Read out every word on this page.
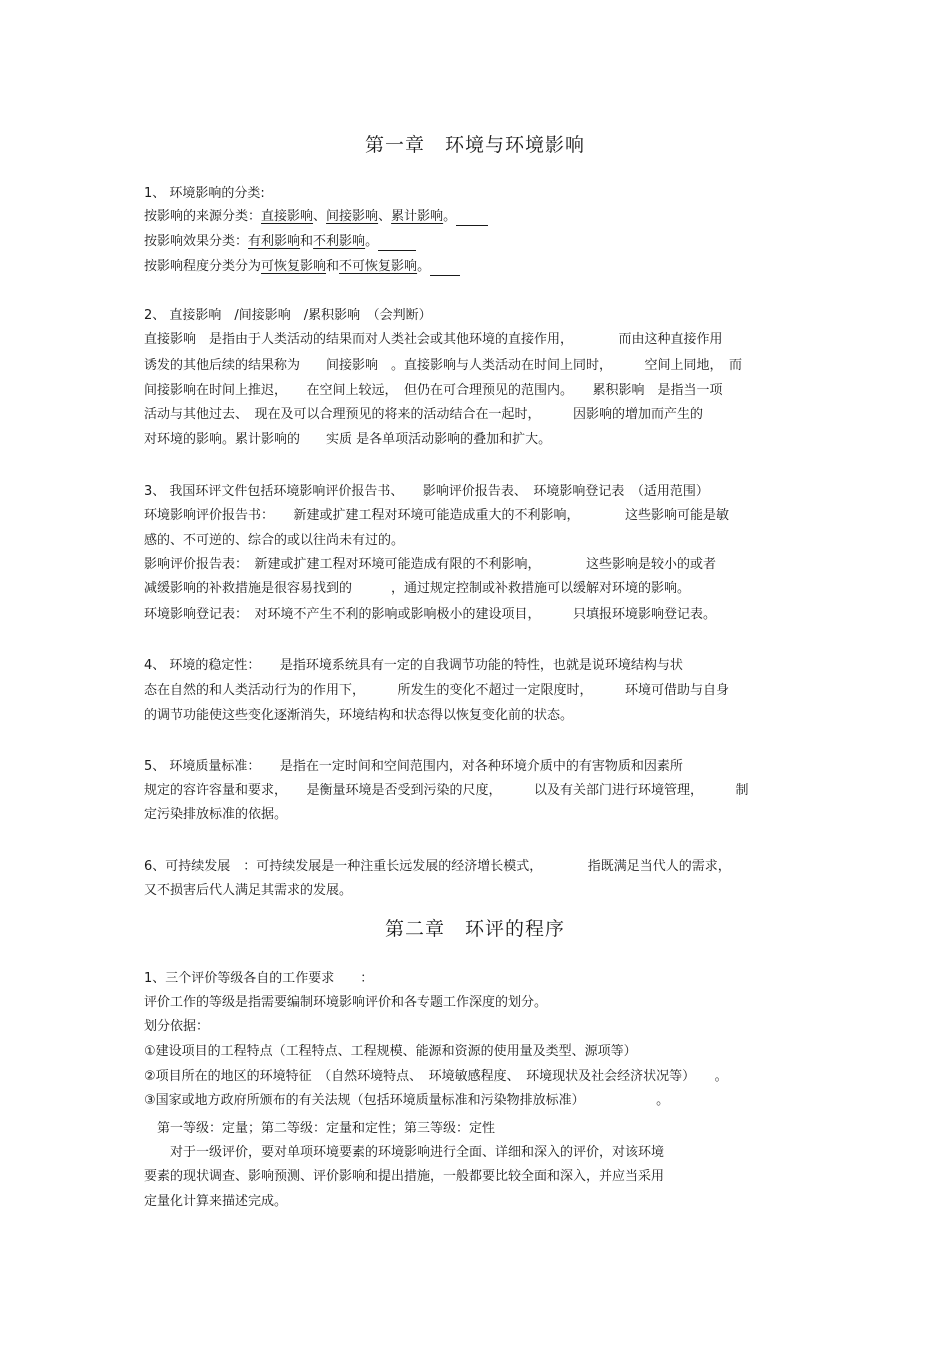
第一章　环境与环境影响
1、 环境影响的分类:
按影响的来源分类：直接影响、间接影响、累计影响。
按影响效果分类：有利影响和不利影响。
按影响程度分类分为可恢复影响和不可恢复影响。
2、 直接影响　/间接影响　/累积影响　（会判断）
直接影响　是指由于人类活动的结果而对人类社会或其他环境的直接作用，　　　　而由这种直接作用
诱发的其他后续的结果称为　　间接影响　。直接影响与人类活动在时间上同时，　　　空间上同地，　而
间接影响在时间上推迟，　　在空间上较远，　但仍在可合理预见的范围内。　　累积影响　是指当一项
活动与其他过去、　现在及可以合理预见的将来的活动结合在一起时，　　　因影响的增加而产生的
对环境的影响。累计影响的　　实质 是各单项活动影响的叠加和扩大。
3、 我国环评文件包括环境影响评价报告书、　　影响评价报告表、　环境影响登记表　（适用范围）
环境影响评价报告书：　　新建或扩建工程对环境可能造成重大的不利影响，　　　　这些影响可能是敏
感的、不可逆的、综合的或以往尚未有过的。
影响评价报告表：　新建或扩建工程对环境可能造成有限的不利影响，　　　　这些影响是较小的或者
减缓影响的补救措施是很容易找到的　　　，通过规定控制或补救措施可以缓解对环境的影响。
环境影响登记表：　对环境不产生不利的影响或影响极小的建设项目，　　　只填报环境影响登记表。
4、 环境的稳定性：　　是指环境系统具有一定的自我调节功能的特性，也就是说环境结构与状
态在自然的和人类活动行为的作用下，　　　所发生的变化不超过一定限度时，　　　环境可借助与自身
的调节功能使这些变化逐渐消失，环境结构和状态得以恢复变化前的状态。
5、 环境质量标准：　　是指在一定时间和空间范围内，对各种环境介质中的有害物质和因素所
规定的容许容量和要求，　　是衡量环境是否受到污染的尺度，　　　以及有关部门进行环境管理，　　　制
定污染排放标准的依据。
6、可持续发展　：可持续发展是一种注重长远发展的经济增长模式，　　　　指既满足当代人的需求，
又不损害后代人满足其需求的发展。
第二章　环评的程序
1、三个评价等级各自的工作要求　　：
评价工作的等级是指需要编制环境影响评价和各专题工作深度的划分。
划分依据：
①建设项目的工程特点（工程特点、工程规模、能源和资源的使用量及类型、源项等）
②项目所在的地区的环境特征　（自然环境特点、　环境敏感程度、　环境现状及社会经济状况等）　　。
③国家或地方政府所颁布的有关法规（包括环境质量标准和污染物排放标准）　　　　　　。
　第一等级：定量；第二等级：定量和定性；第三等级：定性
　　对于一级评价，要对单项环境要素的环境影响进行全面、详细和深入的评价，对该环境
要素的现状调查、影响预测、评价影响和提出措施，一般都要比较全面和深入，并应当采用
定量化计算来描述完成。
